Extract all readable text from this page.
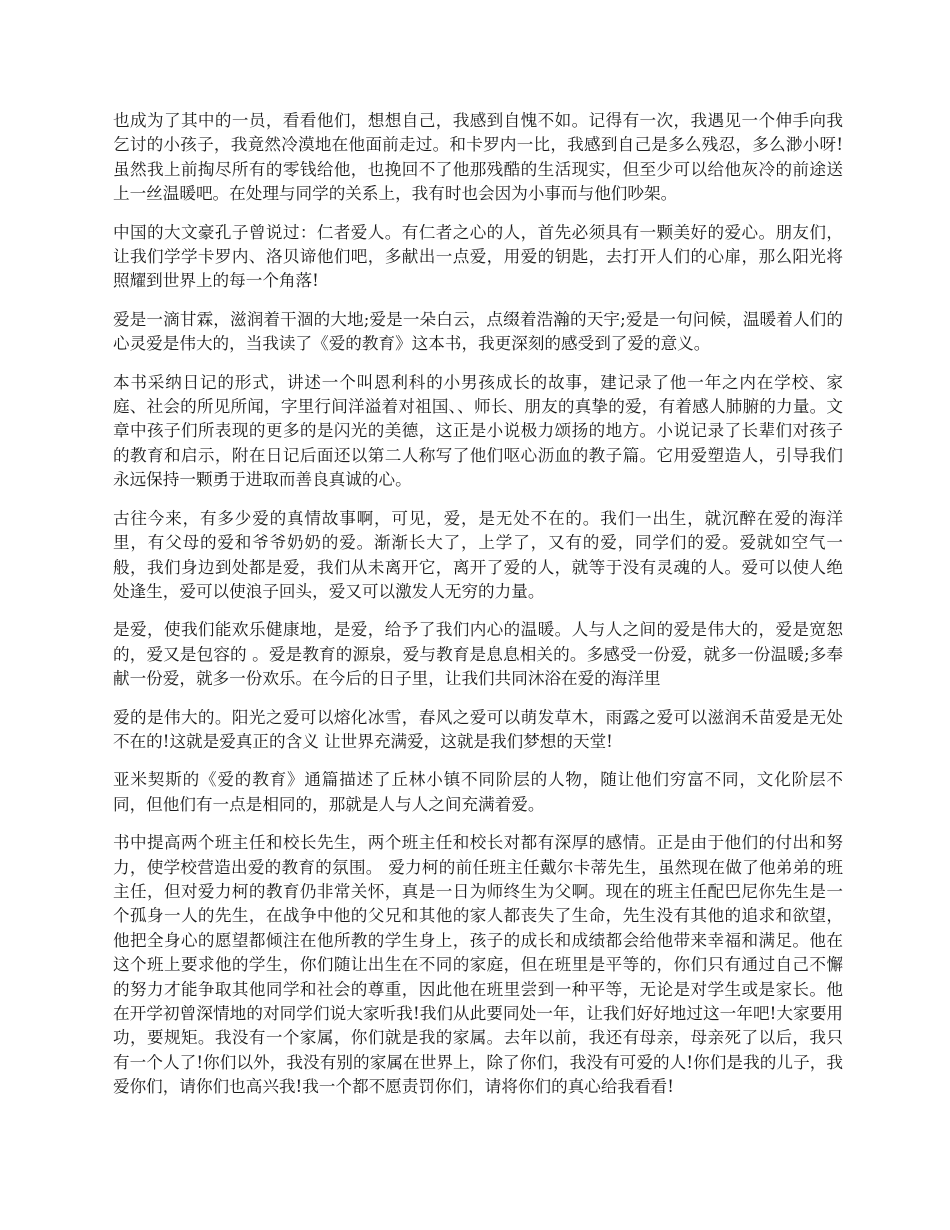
也成为了其中的一员，看看他们，想想自己，我感到自愧不如。记得有一次，我遇见一个伸手向我乞讨的小孩子，我竟然冷漠地在他面前走过。和卡罗内一比，我感到自己是多么残忍，多么渺小呀!虽然我上前掏尽所有的零钱给他，也挽回不了他那残酷的生活现实，但至少可以给他灰冷的前途送上一丝温暖吧。在处理与同学的关系上，我有时也会因为小事而与他们吵架。

中国的大文豪孔子曾说过：仁者爱人。有仁者之心的人，首先必须具有一颗美好的爱心。朋友们，让我们学学卡罗内、洛贝谛他们吧，多献出一点爱，用爱的钥匙，去打开人们的心扉，那么阳光将照耀到世界上的每一个角落!

爱是一滴甘霖，滋润着干涸的大地;爱是一朵白云，点缀着浩瀚的天宇;爱是一句问候，温暖着人们的心灵爱是伟大的，当我读了《爱的教育》这本书，我更深刻的感受到了爱的意义。

本书采纳日记的形式，讲述一个叫恩利科的小男孩成长的故事，建记录了他一年之内在学校、家庭、社会的所见所闻，字里行间洋溢着对祖国、、师长、朋友的真挚的爱，有着感人肺腑的力量。文章中孩子们所表现的更多的是闪光的美德，这正是小说极力颂扬的地方。小说记录了长辈们对孩子的教育和启示，附在日记后面还以第二人称写了他们呕心沥血的教子篇。它用爱塑造人，引导我们永远保持一颗勇于进取而善良真诚的心。

古往今来，有多少爱的真情故事啊，可见，爱，是无处不在的。我们一出生，就沉醉在爱的海洋里，有父母的爱和爷爷奶奶的爱。渐渐长大了，上学了，又有的爱，同学们的爱。爱就如空气一般，我们身边到处都是爱，我们从未离开它，离开了爱的人，就等于没有灵魂的人。爱可以使人绝处逢生，爱可以使浪子回头，爱又可以激发人无穷的力量。

是爱，使我们能欢乐健康地，是爱，给予了我们内心的温暖。人与人之间的爱是伟大的，爱是宽恕的，爱又是包容的 。爱是教育的源泉，爱与教育是息息相关的。多感受一份爱，就多一份温暖;多奉献一份爱，就多一份欢乐。在今后的日子里，让我们共同沐浴在爱的海洋里

爱的是伟大的。阳光之爱可以熔化冰雪，春风之爱可以萌发草木，雨露之爱可以滋润禾苗爱是无处不在的!这就是爱真正的含义 让世界充满爱，这就是我们梦想的天堂!

亚米契斯的《爱的教育》通篇描述了丘林小镇不同阶层的人物，随让他们穷富不同，文化阶层不同，但他们有一点是相同的，那就是人与人之间充满着爱。

书中提高两个班主任和校长先生，两个班主任和校长对都有深厚的感情。正是由于他们的付出和努力，使学校营造出爱的教育的氛围。 爱力柯的前任班主任戴尔卡蒂先生，虽然现在做了他弟弟的班主任，但对爱力柯的教育仍非常关怀，真是一日为师终生为父啊。现在的班主任配巴尼你先生是一个孤身一人的先生，在战争中他的父兄和其他的家人都丧失了生命，先生没有其他的追求和欲望，他把全身心的愿望都倾注在他所教的学生身上，孩子的成长和成绩都会给他带来幸福和满足。他在这个班上要求他的学生，你们随让出生在不同的家庭，但在班里是平等的，你们只有通过自己不懈的努力才能争取其他同学和社会的尊重，因此他在班里尝到一种平等，无论是对学生或是家长。他在开学初曾深情地的对同学们说大家听我!我们从此要同处一年，让我们好好地过这一年吧!大家要用功，要规矩。我没有一个家属，你们就是我的家属。去年以前，我还有母亲，母亲死了以后，我只有一个人了!你们以外，我没有别的家属在世界上，除了你们，我没有可爱的人!你们是我的儿子，我爱你们，请你们也高兴我!我一个都不愿责罚你们，请将你们的真心给我看看!
